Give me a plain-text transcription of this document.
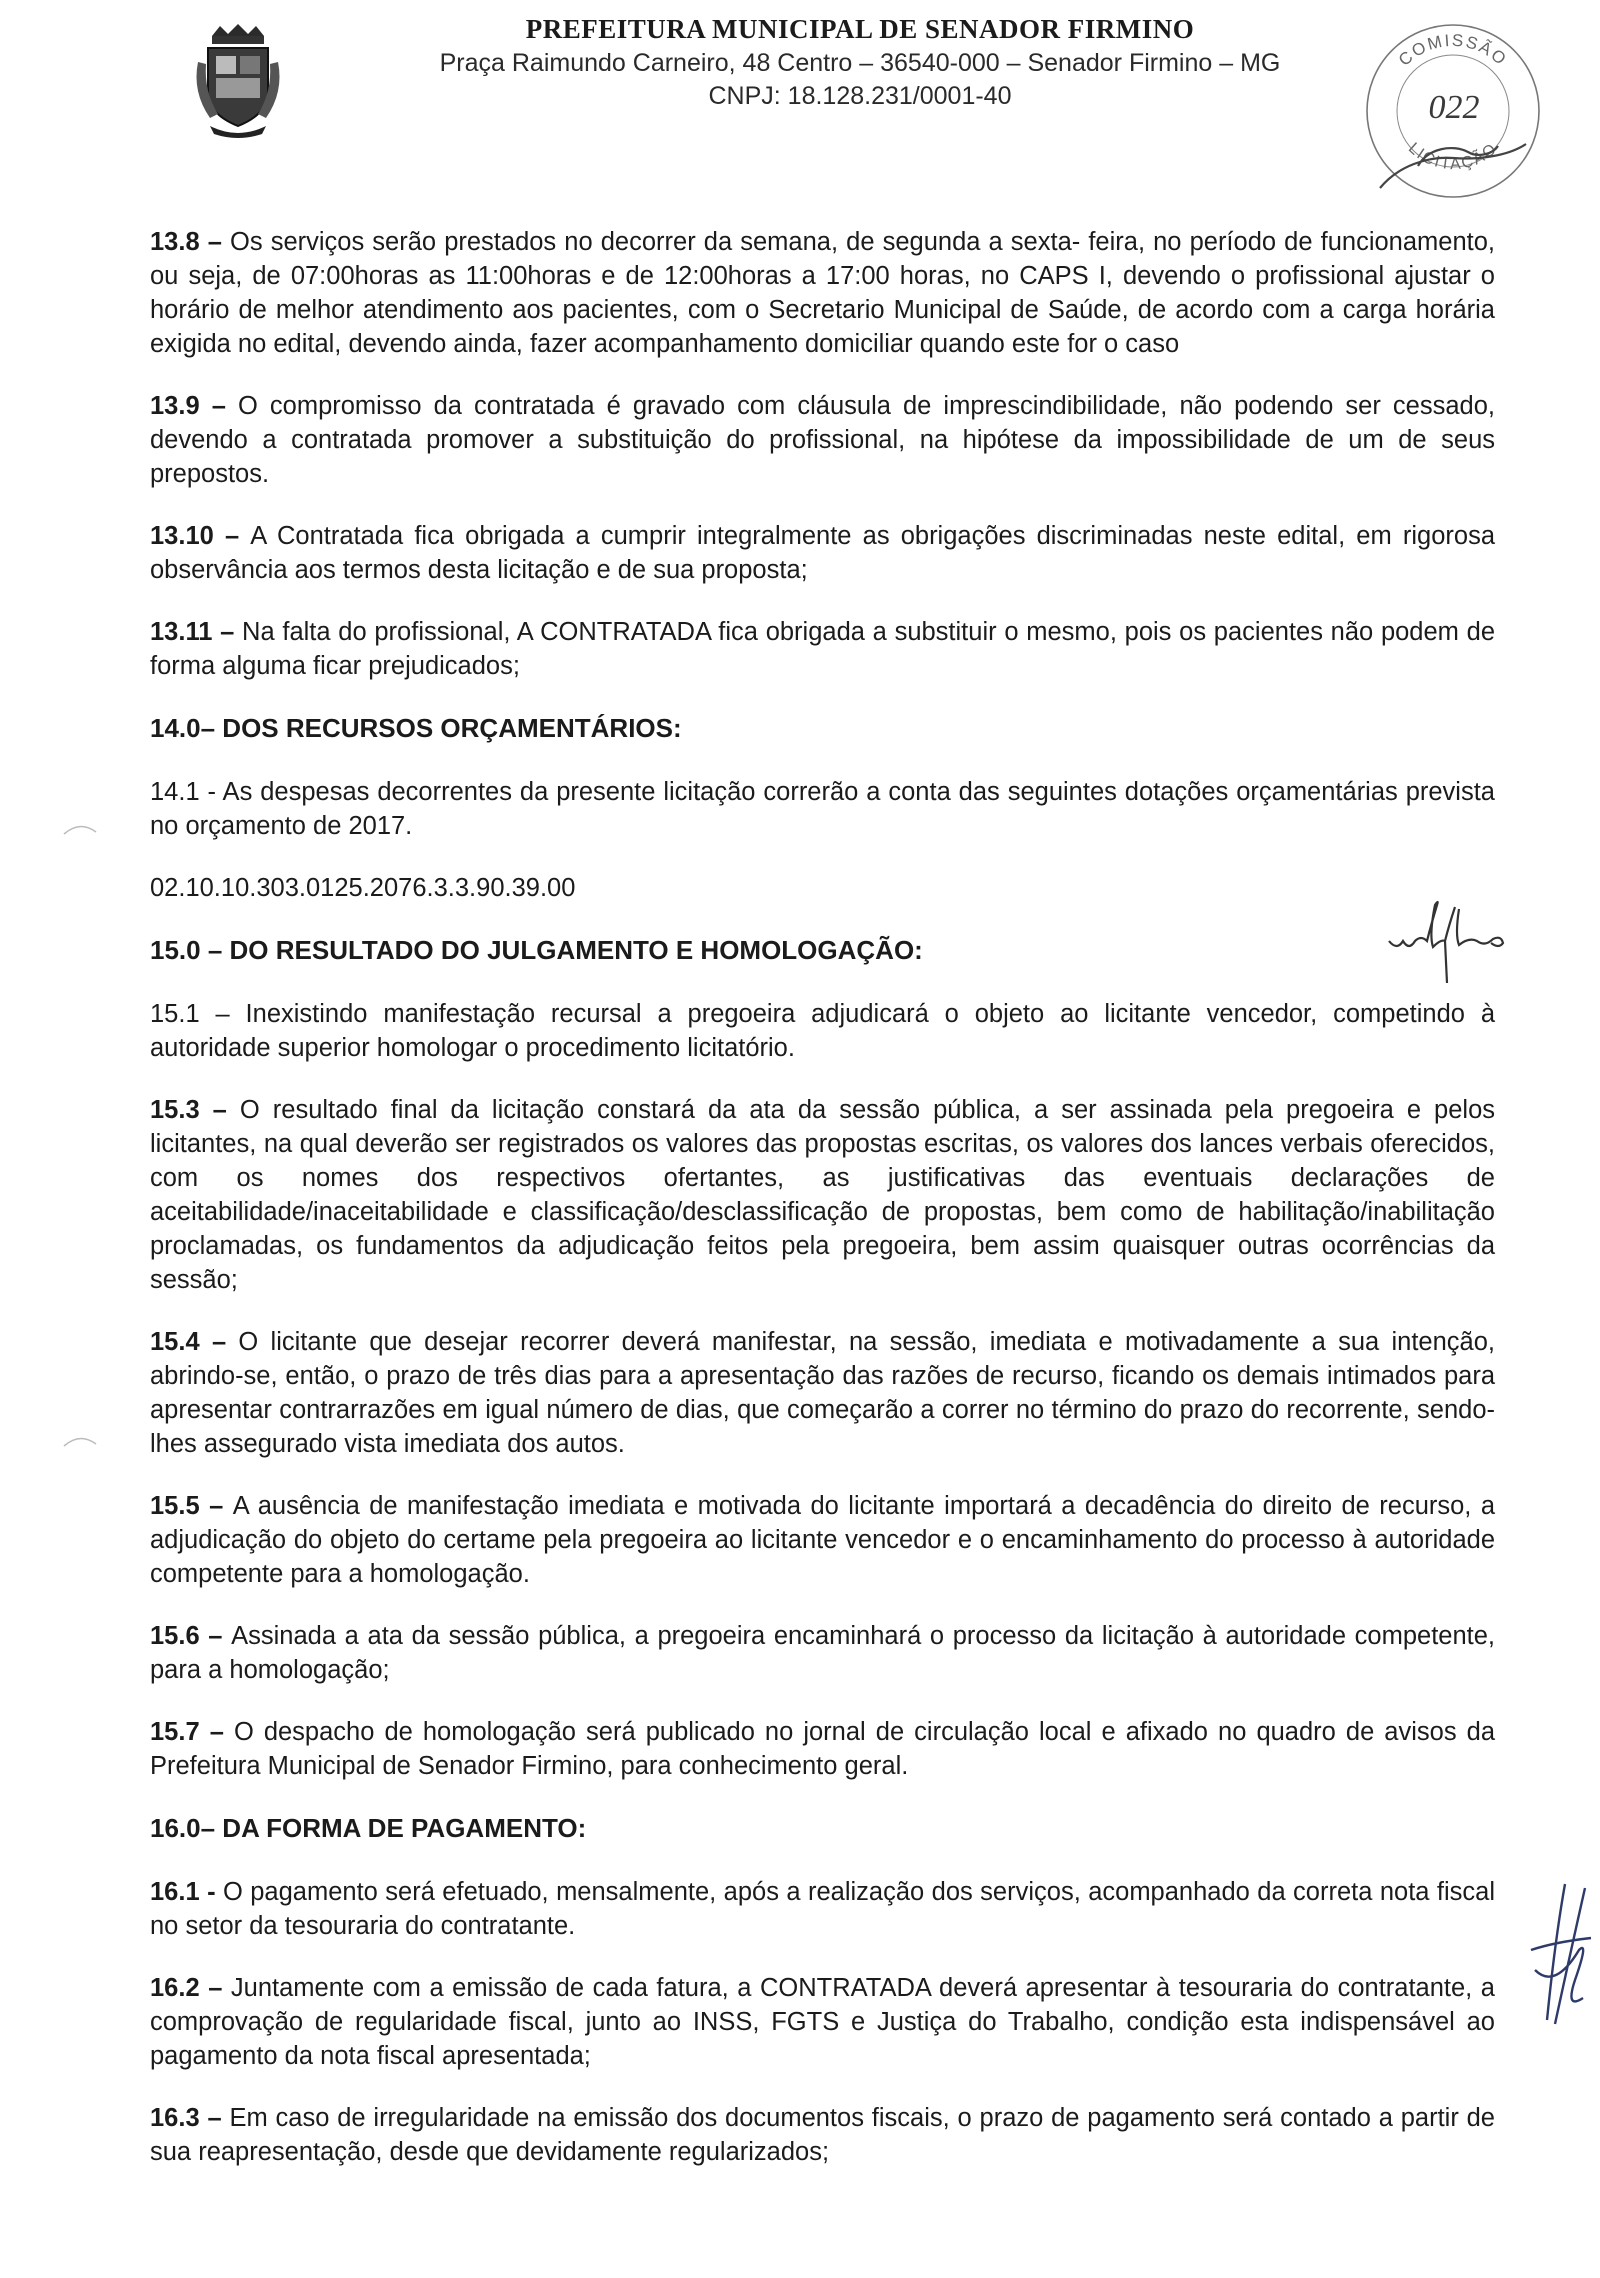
PREFEITURA MUNICIPAL DE SENADOR FIRMINO
Praça Raimundo Carneiro, 48 Centro – 36540-000 – Senador Firmino – MG
CNPJ: 18.128.231/0001-40
COMISSÃO
LICITAÇÃO
022

13.8 – Os serviços serão prestados no decorrer da semana, de segunda a sexta- feira, no período de funcionamento, ou seja, de 07:00horas as 11:00horas e de 12:00horas a 17:00 horas, no CAPS I, devendo o profissional ajustar o horário de melhor atendimento aos pacientes, com o Secretario Municipal de Saúde, de acordo com a carga horária exigida no edital, devendo ainda, fazer acompanhamento domiciliar quando este for o caso

13.9 – O compromisso da contratada é gravado com cláusula de imprescindibilidade, não podendo ser cessado, devendo a contratada promover a substituição do profissional, na hipótese da impossibilidade de um de seus prepostos.

13.10 – A Contratada fica obrigada a cumprir integralmente as obrigações discriminadas neste edital, em rigorosa observância aos termos desta licitação e de sua proposta;

13.11 – Na falta do profissional, A CONTRATADA fica obrigada a substituir o mesmo, pois os pacientes não podem de forma alguma ficar prejudicados;

14.0– DOS RECURSOS ORÇAMENTÁRIOS:

14.1 - As despesas decorrentes da presente licitação correrão a conta das seguintes dotações orçamentárias prevista no orçamento de 2017.

02.10.10.303.0125.2076.3.3.90.39.00

15.0 – DO RESULTADO DO JULGAMENTO E HOMOLOGAÇÃO:

15.1 – Inexistindo manifestação recursal a pregoeira adjudicará o objeto ao licitante vencedor, competindo à autoridade superior homologar o procedimento licitatório.

15.3 – O resultado final da licitação constará da ata da sessão pública, a ser assinada pela pregoeira e pelos licitantes, na qual deverão ser registrados os valores das propostas escritas, os valores dos lances verbais oferecidos, com os nomes dos respectivos ofertantes, as justificativas das eventuais declarações de aceitabilidade/inaceitabilidade e classificação/desclassificação de propostas, bem como de habilitação/inabilitação proclamadas, os fundamentos da adjudicação feitos pela pregoeira, bem assim quaisquer outras ocorrências da sessão;

15.4 – O licitante que desejar recorrer deverá manifestar, na sessão, imediata e motivadamente a sua intenção, abrindo-se, então, o prazo de três dias para a apresentação das razões de recurso, ficando os demais intimados para apresentar contrarrazões em igual número de dias, que começarão a correr no término do prazo do recorrente, sendo-lhes assegurado vista imediata dos autos.

15.5 – A ausência de manifestação imediata e motivada do licitante importará a decadência do direito de recurso, a adjudicação do objeto do certame pela pregoeira ao licitante vencedor e o encaminhamento do processo à autoridade competente para a homologação.

15.6 – Assinada a ata da sessão pública, a pregoeira encaminhará o processo da licitação à autoridade competente, para a homologação;

15.7 – O despacho de homologação será publicado no jornal de circulação local e afixado no quadro de avisos da Prefeitura Municipal de Senador Firmino, para conhecimento geral.

16.0– DA FORMA DE PAGAMENTO:

16.1 - O pagamento será efetuado, mensalmente, após a realização dos serviços, acompanhado da correta nota fiscal no setor da tesouraria do contratante.

16.2 – Juntamente com a emissão de cada fatura, a CONTRATADA deverá apresentar à tesouraria do contratante, a comprovação de regularidade fiscal, junto ao INSS, FGTS e Justiça do Trabalho, condição esta indispensável ao pagamento da nota fiscal apresentada;

16.3 – Em caso de irregularidade na emissão dos documentos fiscais, o prazo de pagamento será contado a partir de sua reapresentação, desde que devidamente regularizados;
